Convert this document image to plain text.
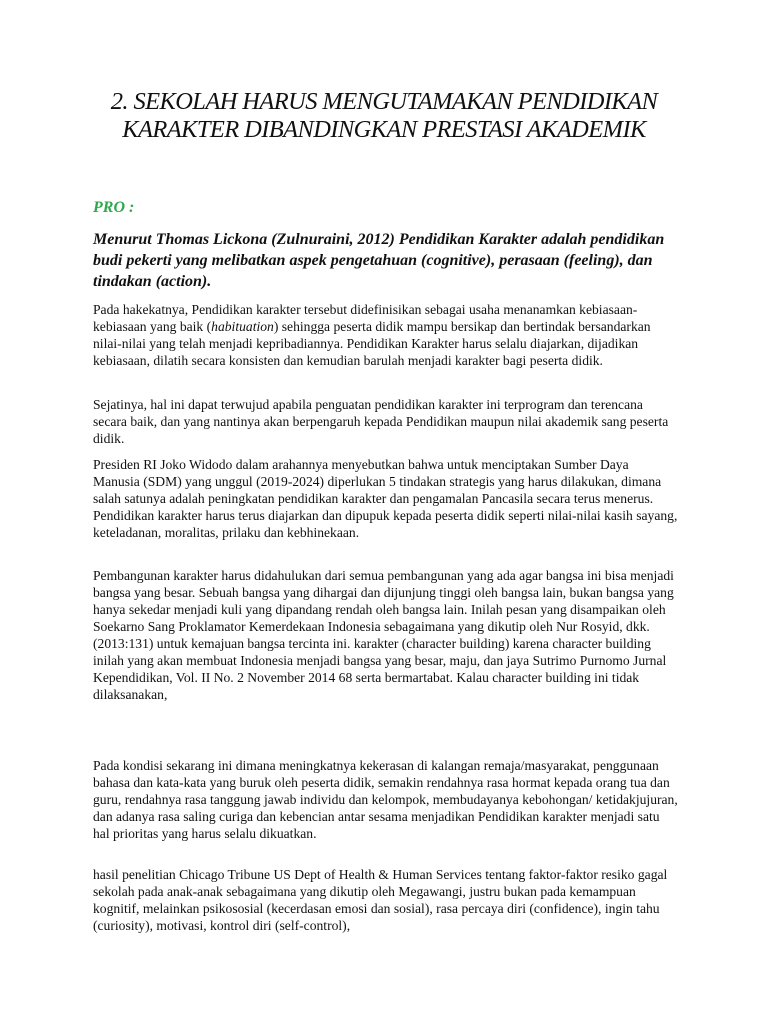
2. SEKOLAH HARUS MENGUTAMAKAN PENDIDIKAN KARAKTER DIBANDINGKAN PRESTASI AKADEMIK

PRO :

Menurut Thomas Lickona (Zulnuraini, 2012) Pendidikan Karakter adalah pendidikan budi pekerti yang melibatkan aspek pengetahuan (cognitive), perasaan (feeling), dan tindakan (action).

Pada hakekatnya, Pendidikan karakter tersebut didefinisikan sebagai usaha menanamkan kebiasaan-kebiasaan yang baik (habituation) sehingga peserta didik mampu bersikap dan bertindak bersandarkan nilai-nilai yang telah menjadi kepribadiannya. Pendidikan Karakter harus selalu diajarkan, dijadikan kebiasaan, dilatih secara konsisten dan kemudian barulah menjadi karakter bagi peserta didik.

Sejatinya, hal ini dapat terwujud apabila penguatan pendidikan karakter ini terprogram dan terencana secara baik, dan yang nantinya akan berpengaruh kepada Pendidikan maupun nilai akademik sang peserta didik.

Presiden RI Joko Widodo dalam arahannya menyebutkan bahwa untuk menciptakan Sumber Daya Manusia (SDM) yang unggul (2019-2024) diperlukan 5 tindakan strategis yang harus dilakukan, dimana salah satunya adalah peningkatan pendidikan karakter dan pengamalan Pancasila secara terus menerus. Pendidikan karakter harus terus diajarkan dan dipupuk kepada peserta didik seperti nilai-nilai kasih sayang, keteladanan, moralitas, prilaku dan kebhinekaan.

Pembangunan karakter harus didahulukan dari semua pembangunan yang ada agar bangsa ini bisa menjadi bangsa yang besar. Sebuah bangsa yang dihargai dan dijunjung tinggi oleh bangsa lain, bukan bangsa yang hanya sekedar menjadi kuli yang dipandang rendah oleh bangsa lain. Inilah pesan yang disampaikan oleh Soekarno Sang Proklamator Kemerdekaan Indonesia sebagaimana yang dikutip oleh Nur Rosyid, dkk. (2013:131) untuk kemajuan bangsa tercinta ini. karakter (character building) karena character building inilah yang akan membuat Indonesia menjadi bangsa yang besar, maju, dan jaya Sutrimo Purnomo Jurnal Kependidikan, Vol. II No. 2 November 2014 68 serta bermartabat. Kalau character building ini tidak dilaksanakan,

Pada kondisi sekarang ini dimana meningkatnya kekerasan di kalangan remaja/masyarakat, penggunaan bahasa dan kata-kata yang buruk oleh peserta didik, semakin rendahnya rasa hormat kepada orang tua dan guru, rendahnya rasa tanggung jawab individu dan kelompok, membudayanya kebohongan/ ketidakjujuran, dan adanya rasa saling curiga dan kebencian antar sesama menjadikan Pendidikan karakter menjadi satu hal prioritas yang harus selalu dikuatkan.

hasil penelitian Chicago Tribune US Dept of Health & Human Services tentang faktor-faktor resiko gagal sekolah pada anak-anak sebagaimana yang dikutip oleh Megawangi, justru bukan pada kemampuan kognitif, melainkan psikososial (kecerdasan emosi dan sosial), rasa percaya diri (confidence), ingin tahu (curiosity), motivasi, kontrol diri (self-control),
